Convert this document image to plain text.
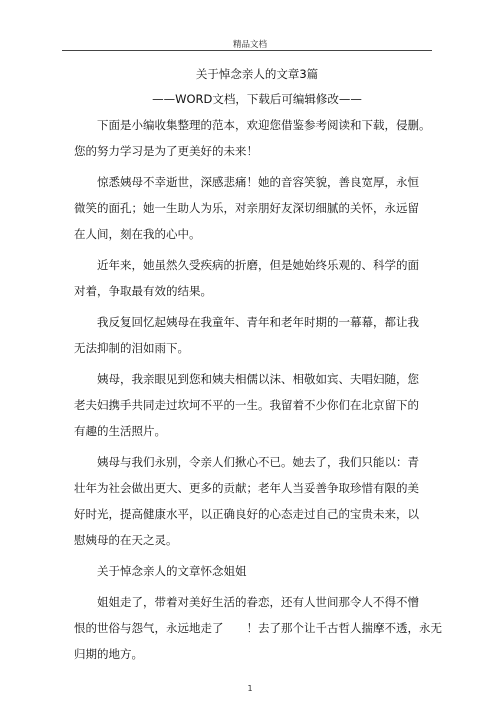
精品文档
关于悼念亲人的文章3篇
——WORD文档，下载后可编辑修改——
下面是小编收集整理的范本，欢迎您借鉴参考阅读和下载，侵删。
您的努力学习是为了更美好的未来！
惊悉姨母不幸逝世，深感悲痛！她的音容笑貌，善良宽厚，永恒
微笑的面孔；她一生助人为乐，对亲朋好友深切细腻的关怀，永远留
在人间，刻在我的心中。
近年来，她虽然久受疾病的折磨，但是她始终乐观的、科学的面
对着，争取最有效的结果。
我反复回忆起姨母在我童年、青年和老年时期的一幕幕，都让我
无法抑制的泪如雨下。
姨母，我亲眼见到您和姨夫相儒以沫、相敬如宾、夫唱妇随，您
老夫妇携手共同走过坎坷不平的一生。我留着不少你们在北京留下的
有趣的生活照片。
姨母与我们永别，令亲人们揪心不已。她去了，我们只能以：青
壮年为社会做出更大、更多的贡献；老年人当妥善争取珍惜有限的美
好时光，提高健康水平，以正确良好的心态走过自己的宝贵未来，以
慰姨母的在天之灵。
关于悼念亲人的文章怀念姐姐
姐姐走了，带着对美好生活的眷恋，还有人世间那令人不得不憎
恨的世俗与怨气，永远地走了　　！去了那个让千古哲人揣摩不透，永无
归期的地方。
1
